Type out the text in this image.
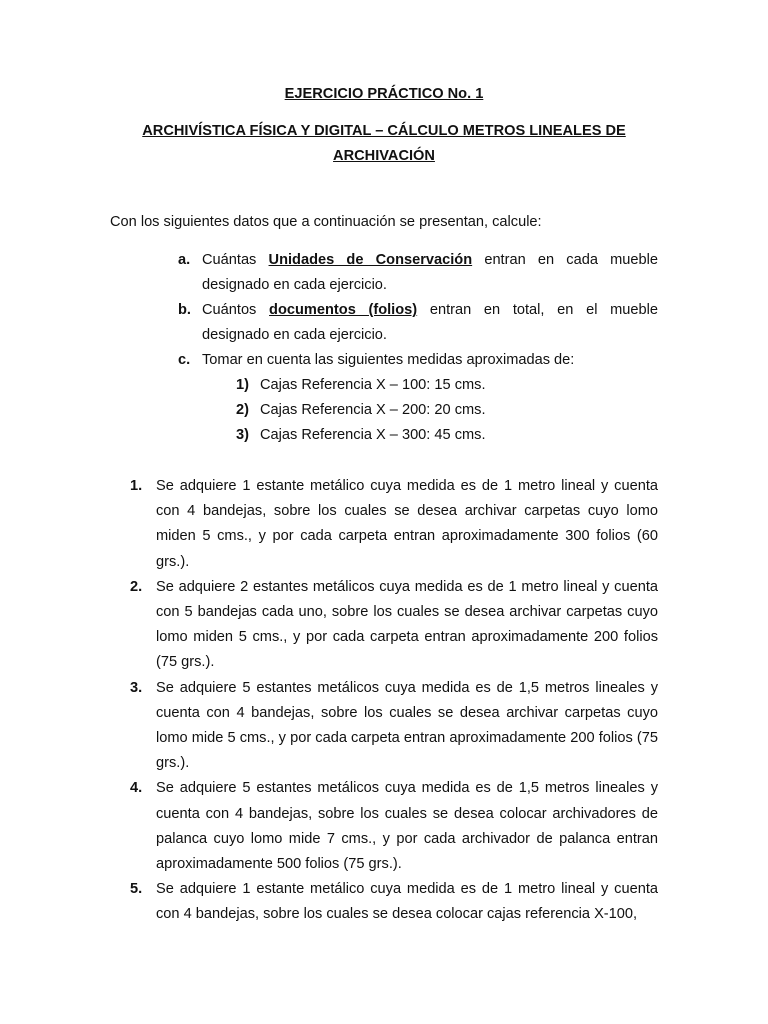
EJERCICIO PRÁCTICO No. 1
ARCHIVÍSTICA FÍSICA Y DIGITAL – CÁLCULO METROS LINEALES DE ARCHIVACIÓN
Con los siguientes datos que a continuación se presentan, calcule:
a. Cuántas Unidades de Conservación entran en cada mueble designado en cada ejercicio.
b. Cuántos documentos (folios) entran en total, en el mueble designado en cada ejercicio.
c. Tomar en cuenta las siguientes medidas aproximadas de:
1) Cajas Referencia X – 100: 15 cms.
2) Cajas Referencia X – 200: 20 cms.
3) Cajas Referencia X – 300: 45 cms.
1. Se adquiere 1 estante metálico cuya medida es de 1 metro lineal y cuenta con 4 bandejas, sobre los cuales se desea archivar carpetas cuyo lomo miden 5 cms., y por cada carpeta entran aproximadamente 300 folios (60 grs.).
2. Se adquiere 2 estantes metálicos cuya medida es de 1 metro lineal y cuenta con 5 bandejas cada uno, sobre los cuales se desea archivar carpetas cuyo lomo miden 5 cms., y por cada carpeta entran aproximadamente 200 folios (75 grs.).
3. Se adquiere 5 estantes metálicos cuya medida es de 1,5 metros lineales y cuenta con 4 bandejas, sobre los cuales se desea archivar carpetas cuyo lomo mide 5 cms., y por cada carpeta entran aproximadamente 200 folios (75 grs.).
4. Se adquiere 5 estantes metálicos cuya medida es de 1,5 metros lineales y cuenta con 4 bandejas, sobre los cuales se desea colocar archivadores de palanca cuyo lomo mide 7 cms., y por cada archivador de palanca entran aproximadamente 500 folios (75 grs.).
5. Se adquiere 1 estante metálico cuya medida es de 1 metro lineal y cuenta con 4 bandejas, sobre los cuales se desea colocar cajas referencia X-100,
